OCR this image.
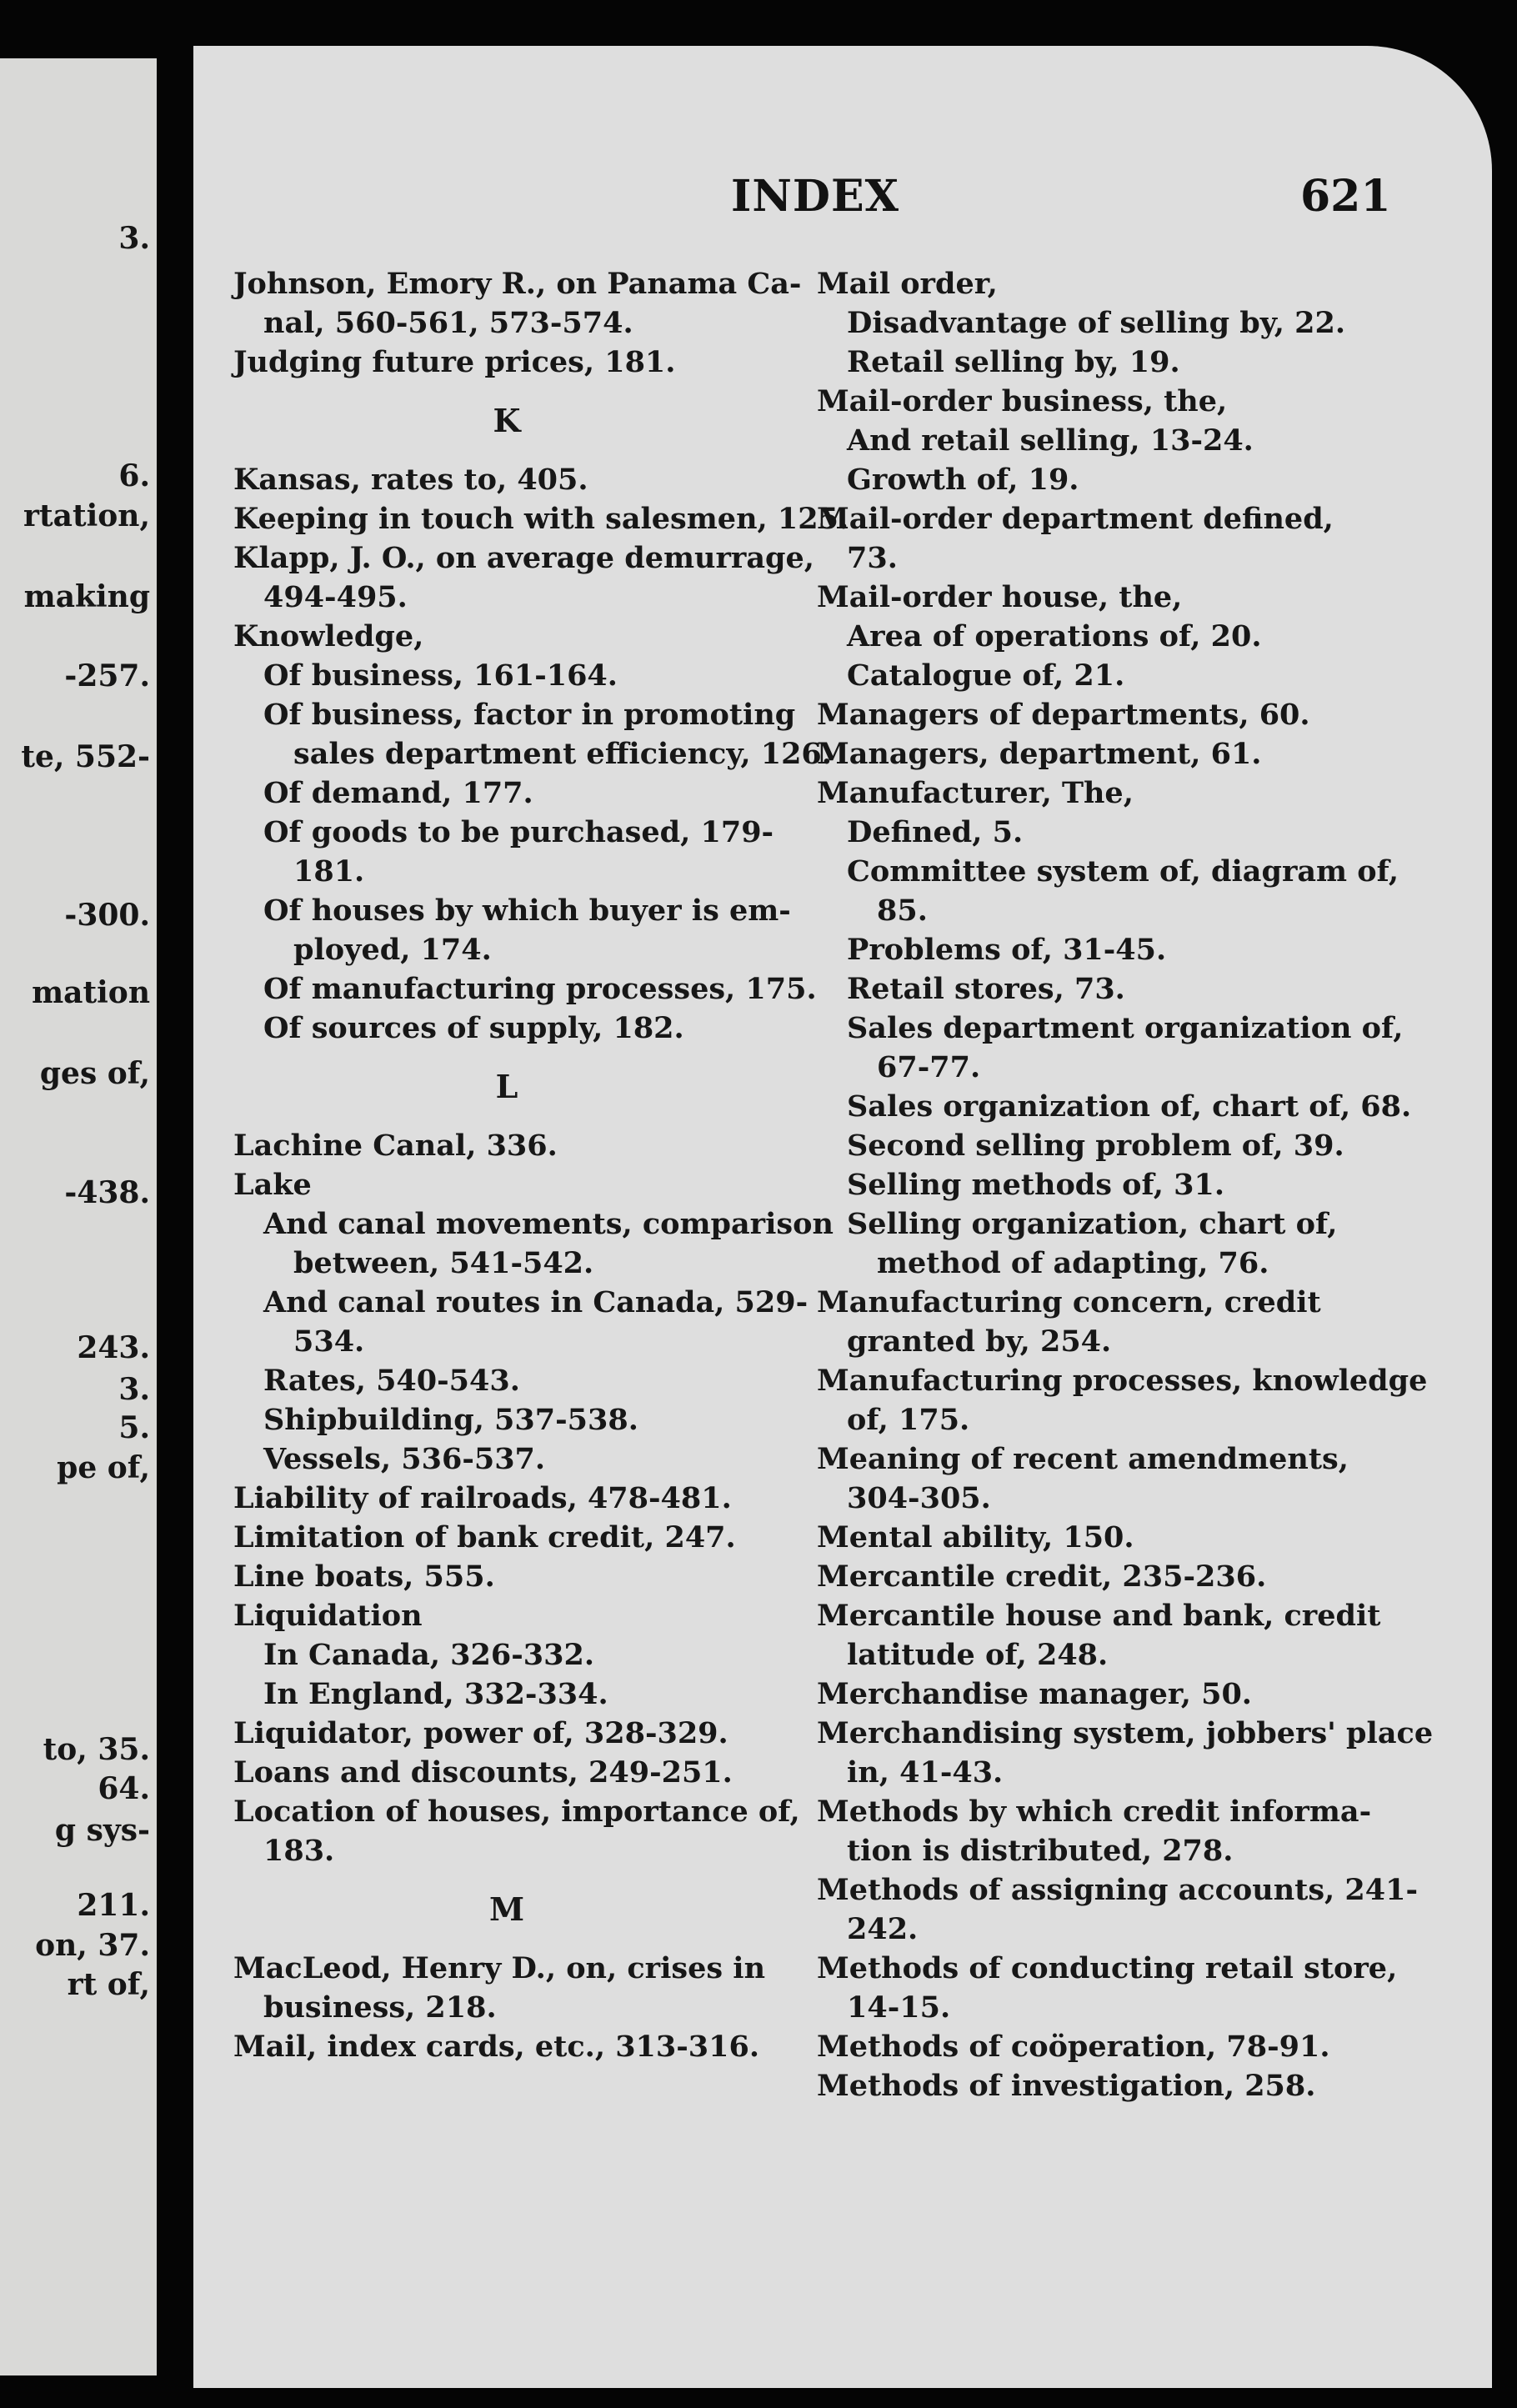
3.
6.
rtation,
making
-257.
te, 552-
-300.
mation
ges of,
-438.
243.
3.
5.
pe of,
to, 35.
64.
g sys-
211.
on, 37.
rt of,
INDEX	621
Johnson, Emory R., on Panama Ca-
nal, 560-561, 573-574.
Judging future prices, 181.
K
Kansas, rates to, 405.
Keeping in touch with salesmen, 125.
Klapp, J. O., on average demurrage,
494-495.
Knowledge,
Of business, 161-164.
Of business, factor in promoting
sales department efficiency, 126.
Of demand, 177.
Of goods to be purchased, 179-
181.
Of houses by which buyer is em-
ployed, 174.
Of manufacturing processes, 175.
Of sources of supply, 182.
L
Lachine Canal, 336.
Lake
And canal movements, comparison
between, 541-542.
And canal routes in Canada, 529-
534.
Rates, 540-543.
Shipbuilding, 537-538.
Vessels, 536-537.
Liability of railroads, 478-481.
Limitation of bank credit, 247.
Line boats, 555.
Liquidation
In Canada, 326-332.
In England, 332-334.
Liquidator, power of, 328-329.
Loans and discounts, 249-251.
Location of houses, importance of,
183.
M
MacLeod, Henry D., on, crises in
business, 218.
Mail, index cards, etc., 313-316.
Mail order,
Disadvantage of selling by, 22.
Retail selling by, 19.
Mail-order business, the,
And retail selling, 13-24.
Growth of, 19.
Mail-order department defined,
73.
Mail-order house, the,
Area of operations of, 20.
Catalogue of, 21.
Managers of departments, 60.
Managers, department, 61.
Manufacturer, The,
Defined, 5.
Committee system of, diagram of,
85.
Problems of, 31-45.
Retail stores, 73.
Sales department organization of,
67-77.
Sales organization of, chart of, 68.
Second selling problem of, 39.
Selling methods of, 31.
Selling organization, chart of,
method of adapting, 76.
Manufacturing concern, credit
granted by, 254.
Manufacturing processes, knowledge
of, 175.
Meaning of recent amendments,
304-305.
Mental ability, 150.
Mercantile credit, 235-236.
Mercantile house and bank, credit
latitude of, 248.
Merchandise manager, 50.
Merchandising system, jobbers' place
in, 41-43.
Methods by which credit informa-
tion is distributed, 278.
Methods of assigning accounts, 241-
242.
Methods of conducting retail store,
14-15.
Methods of coöperation, 78-91.
Methods of investigation, 258.
